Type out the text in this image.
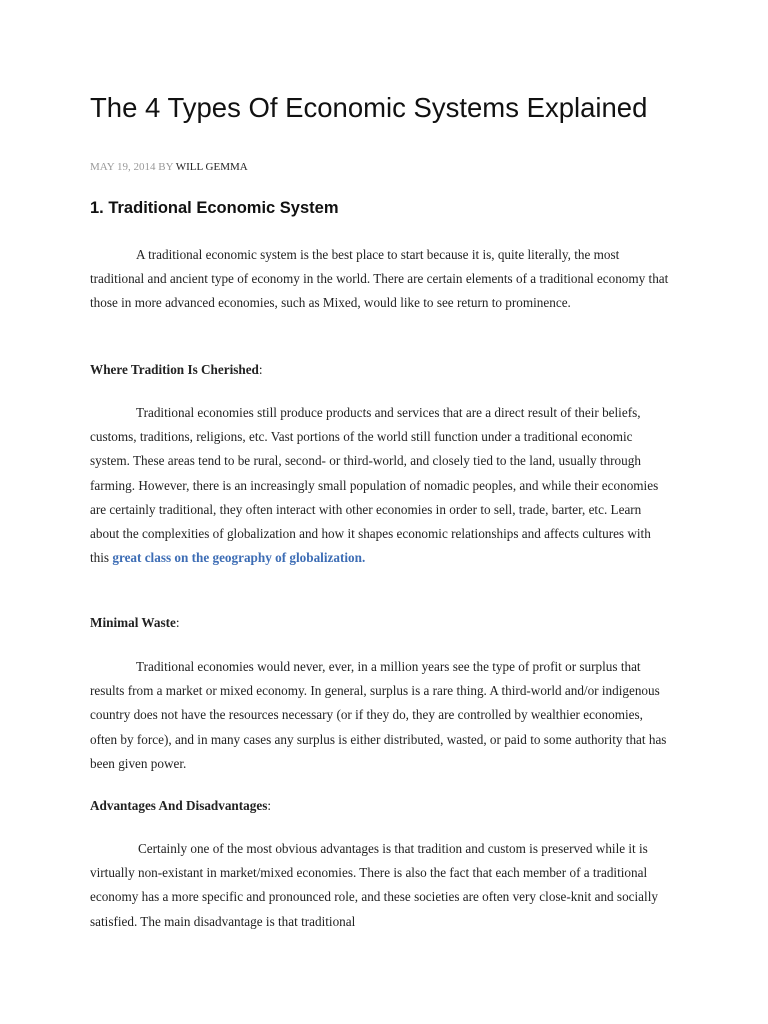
The 4 Types Of Economic Systems Explained
MAY 19, 2014 BY WILL GEMMA
1. Traditional Economic System

A traditional economic system is the best place to start because it is, quite literally, the most traditional and ancient type of economy in the world. There are certain elements of a traditional economy that those in more advanced economies, such as Mixed, would like to see return to prominence.

Where Tradition Is Cherished:

Traditional economies still produce products and services that are a direct result of their beliefs, customs, traditions, religions, etc. Vast portions of the world still function under a traditional economic system. These areas tend to be rural, second- or third-world, and closely tied to the land, usually through farming. However, there is an increasingly small population of nomadic peoples, and while their economies are certainly traditional, they often interact with other economies in order to sell, trade, barter, etc. Learn about the complexities of globalization and how it shapes economic relationships and affects cultures with this great class on the geography of globalization.

Minimal Waste:

Traditional economies would never, ever, in a million years see the type of profit or surplus that results from a market or mixed economy. In general, surplus is a rare thing. A third-world and/or indigenous country does not have the resources necessary (or if they do, they are controlled by wealthier economies, often by force), and in many cases any surplus is either distributed, wasted, or paid to some authority that has been given power.

Advantages And Disadvantages:

Certainly one of the most obvious advantages is that tradition and custom is preserved while it is virtually non-existant in market/mixed economies. There is also the fact that each member of a traditional economy has a more specific and pronounced role, and these societies are often very close-knit and socially satisfied. The main disadvantage is that traditional
